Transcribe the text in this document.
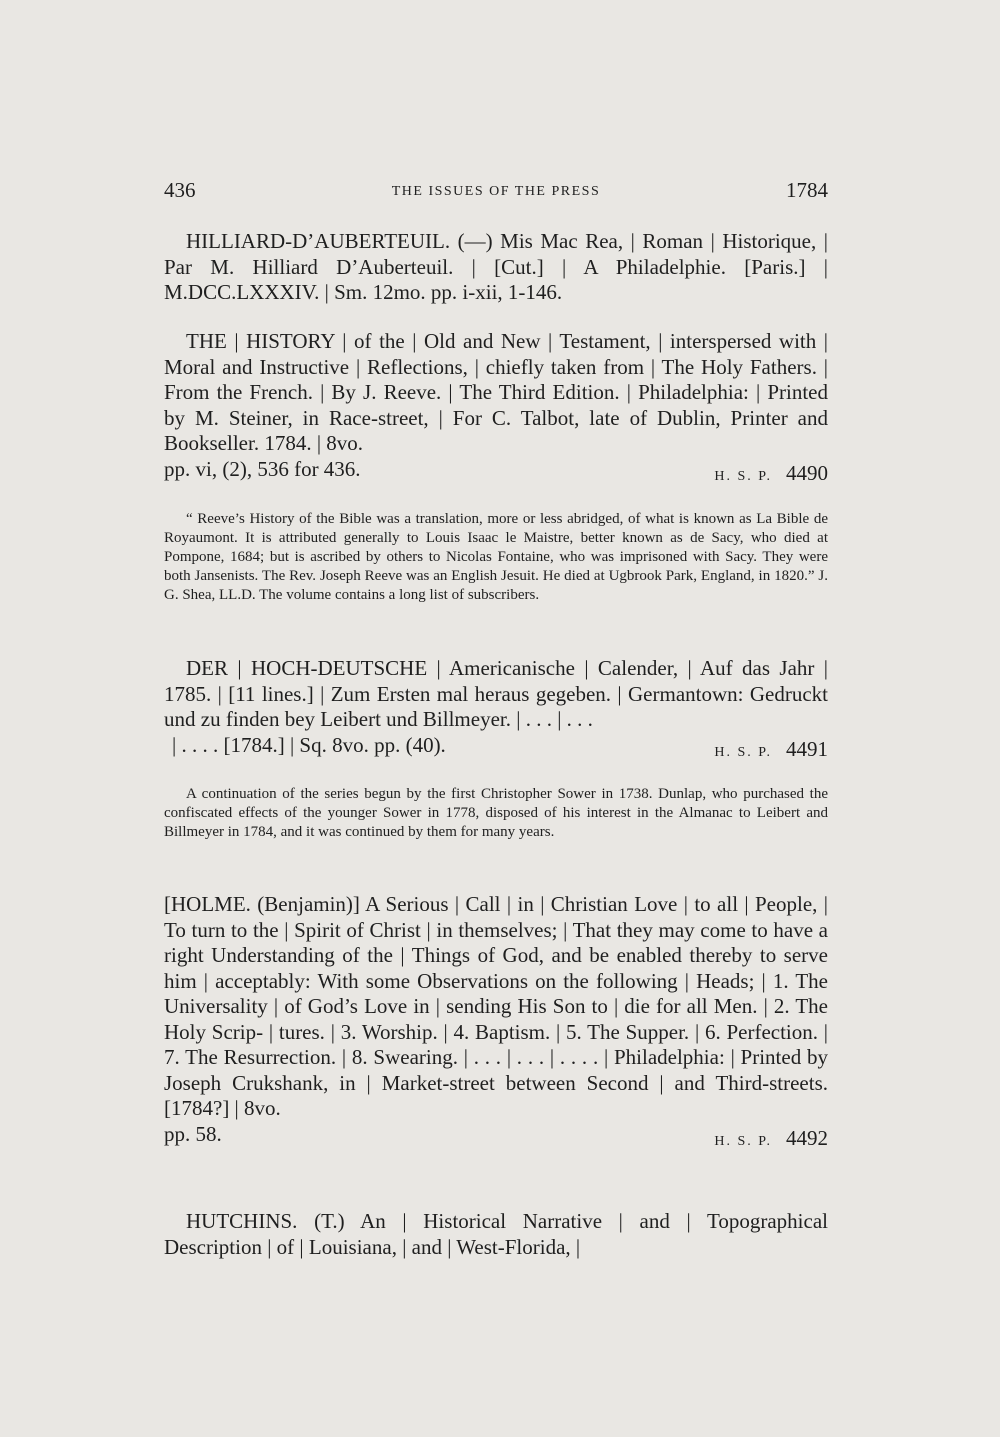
436	THE ISSUES OF THE PRESS	1784

HILLIARD-D’AUBERTEUIL. (—) Mis Mac Rea, | Roman | Historique, | Par M. Hilliard D’Auberteuil. | [Cut.] | A Philadelphie. [Paris.] | M.DCC.LXXXIV. | Sm. 12mo. pp. i-xii, 1-146.

THE | HISTORY | of the | Old and New | Testament, | interspersed with | Moral and Instructive | Reflections, | chiefly taken from | The Holy Fathers. | From the French. | By J. Reeve. | The Third Edition. | Philadelphia: | Printed by M. Steiner, in Race-street, | For C. Talbot, late of Dublin, Printer and Bookseller. 1784. | 8vo.

pp. vi, (2), 536 for 436.	H. S. P. 4490

“ Reeve’s History of the Bible was a translation, more or less abridged, of what is known as La Bible de Royaumont. It is attributed generally to Louis Isaac le Maistre, better known as de Sacy, who died at Pompone, 1684; but is ascribed by others to Nicolas Fontaine, who was imprisoned with Sacy. They were both Jansenists. The Rev. Joseph Reeve was an English Jesuit. He died at Ugbrook Park, England, in 1820.” J. G. Shea, LL.D. The volume contains a long list of subscribers.

DER | HOCH-DEUTSCHE | Americanische | Calender, | Auf das Jahr | 1785. | [11 lines.] | Zum Ersten mal heraus gegeben. | Germantown: Gedruckt und zu finden bey Leibert und Billmeyer. | . . . | . . .

| . . . . [1784.] | Sq. 8vo. pp. (40).	H. S. P. 4491

A continuation of the series begun by the first Christopher Sower in 1738. Dunlap, who purchased the confiscated effects of the younger Sower in 1778, disposed of his interest in the Almanac to Leibert and Billmeyer in 1784, and it was continued by them for many years.

[HOLME. (Benjamin)] A Serious | Call | in | Christian Love | to all | People, | To turn to the | Spirit of Christ | in themselves; | That they may come to have a right Understanding of the | Things of God, and be enabled thereby to serve him | acceptably: With some Observations on the following | Heads; | 1. The Universality | of God’s Love in | sending His Son to | die for all Men. | 2. The Holy Scrip- | tures. | 3. Worship. | 4. Baptism. | 5. The Supper. | 6. Perfection. | 7. The Resurrection. | 8. Swearing. | . . . | . . . | . . . . | Philadelphia: | Printed by Joseph Crukshank, in | Market-street between Second | and Third-streets. [1784?] | 8vo.

pp. 58.	H. S. P. 4492

HUTCHINS. (T.) An | Historical Narrative | and | Topographical Description | of | Louisiana, | and | West-Florida, |
